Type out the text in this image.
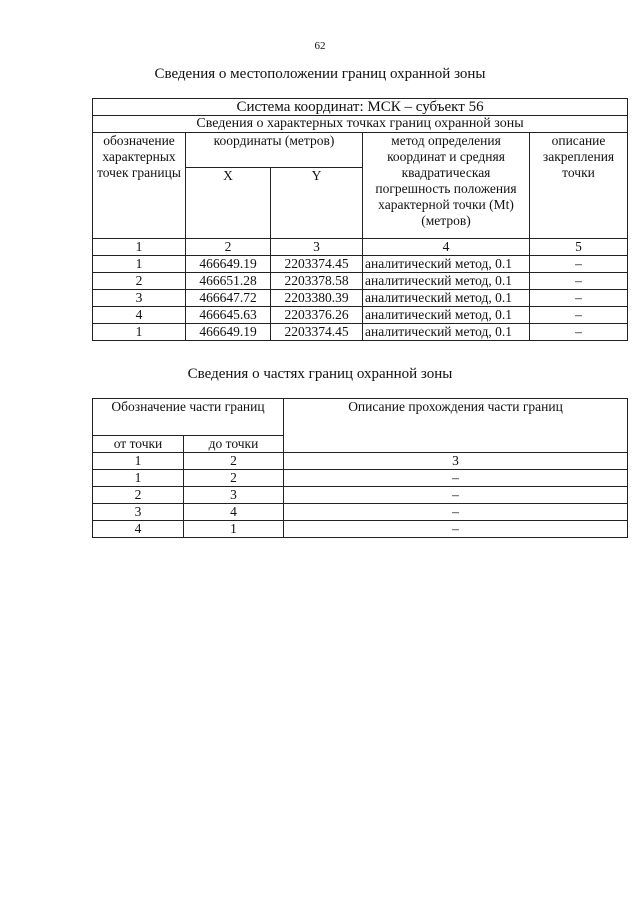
62
Сведения о местоположении границ охранной зоны
Система координат: МСК – субъект 56				
Сведения о характерных точках границ охранной зоны				
обозначение характерных точек границы	координаты (метров)		метод определения координат и средняя квадратическая погрешность положения характерной точки (Mt) (метров)	описание закрепления точки
	X	Y		
1	2	3	4	5
1	466649.19	2203374.45	аналитический метод, 0.1	–
2	466651.28	2203378.58	аналитический метод, 0.1	–
3	466647.72	2203380.39	аналитический метод, 0.1	–
4	466645.63	2203376.26	аналитический метод, 0.1	–
1	466649.19	2203374.45	аналитический метод, 0.1	–
Сведения о частях границ охранной зоны
Обозначение части границ		Описание прохождения части границ
от точки	до точки	
1	2	3
1	2	–
2	3	–
3	4	–
4	1	–
